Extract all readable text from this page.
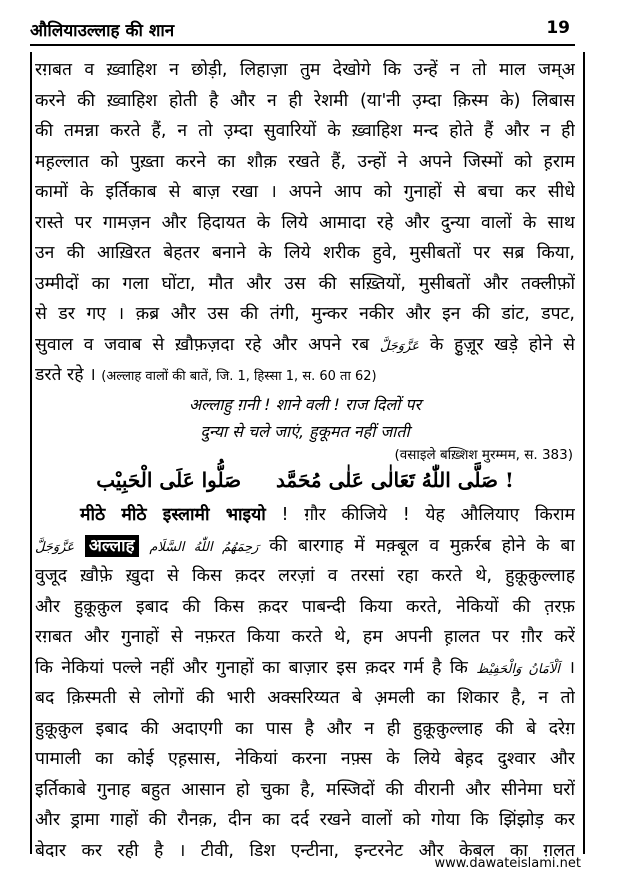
औलियाउल्लाह की शान	19
रग़बत व ख़्वाहिश न छोड़ी, लिहाज़ा तुम देखोगे कि उन्हें न तो माल जम्अ
करने की ख़्वाहिश होती है और न ही रेशमी (या'नी उ़म्दा क़िस्म के) लिबास
की तमन्ना करते हैं, न तो उ़म्दा सुवारियों के ख़्वाहिश मन्द होते हैं और न ही
मह़ल्लात को पुख़्ता करने का शौक़ रखते हैं, उन्हों ने अपने जिस्मों को ह़राम
कामों के इर्तिकाब से बाज़ रखा । अपने आप को गुनाहों से बचा कर सीधे
रास्ते पर गामज़न और हिदायत के लिये आमादा रहे और दुन्या वालों के साथ
उन की आख़िरत बेहतर बनाने के लिये शरीक हुवे, मुसीबतों पर सब्र किया,
उम्मीदों का गला घोंटा, मौत और उस की सख़्तियों, मुसीबतों और तक्लीफ़ों
से डर गए । क़ब्र और उस की तंगी, मुन्कर नकीर और इन की डांट, डपट,
सुवाल व जवाब से ख़ौफ़ज़दा रहे और अपने रब عَزَّوَجَلَّ के हु़ज़ूर खड़े होने से
डरते रहे । (अल्लाह वालों की बातें, जि. 1, हिस्सा 1, स. 60 ता 62)
अल्लाहु ग़नी ! शाने वली ! राज दिलों पर
दुन्या से चले जाएं, हुकूमत नहीं जाती
(वसाइले बख़्शिश मुरम्मम, स. 383)
صَلَّی اللّٰهُ تَعَالٰی عَلٰی مُحَمَّد     صَلُّوا عَلَی الْحَبِیْب !
मीठे मीठे इस्लामी भाइयो ! ग़ौर कीजिये ! येह औलियाए किराम
رَحِمَهُمُ اللّٰهُ السَّلَام अल्लाह عَزَّوَجَلَّ	की बारगाह में मक़्बूल व मुक़र्रब होने के बा
वुजूद ख़ौफ़े ख़ुदा से किस क़दर लरज़ां व तरसां रहा करते थे, हुक़ूक़ुल्लाह
और हुक़ूक़ुल इबाद की किस क़दर पाबन्दी किया करते, नेकियों की त़रफ़
रग़बत और गुनाहों से नफ़रत किया करते थे, हम अपनी ह़ालत पर ग़ौर करें
कि नेकियां पल्ले नहीं और गुनाहों का बाज़ार इस क़दर गर्म है कि اَلْاَمَانُ وَالْحَفِیْظ ।
बद क़िस्मती से लोगों की भारी अक्सरिय्यत बे अ़मली का शिकार है, न तो
हुक़ूक़ुल इबाद की अदाएगी का पास है और न ही हुक़ूक़ुल्लाह की बे दरेग़
पामाली का कोई एह़सास, नेकियां करना नफ़्स के लिये बेह़द दुश्वार और
इर्तिकाबे गुनाह बहुत आसान हो चुका है, मस्जिदों की वीरानी और सीनेमा घरों
और ड्रामा गाहों की रौनक़, दीन का दर्द रखने वालों को गोया कि झिंझोड़ कर
बेदार कर रही है । टीवी, डिश एन्टीना, इन्टरनेट और केबल का ग़लत
www.dawateislami.net
